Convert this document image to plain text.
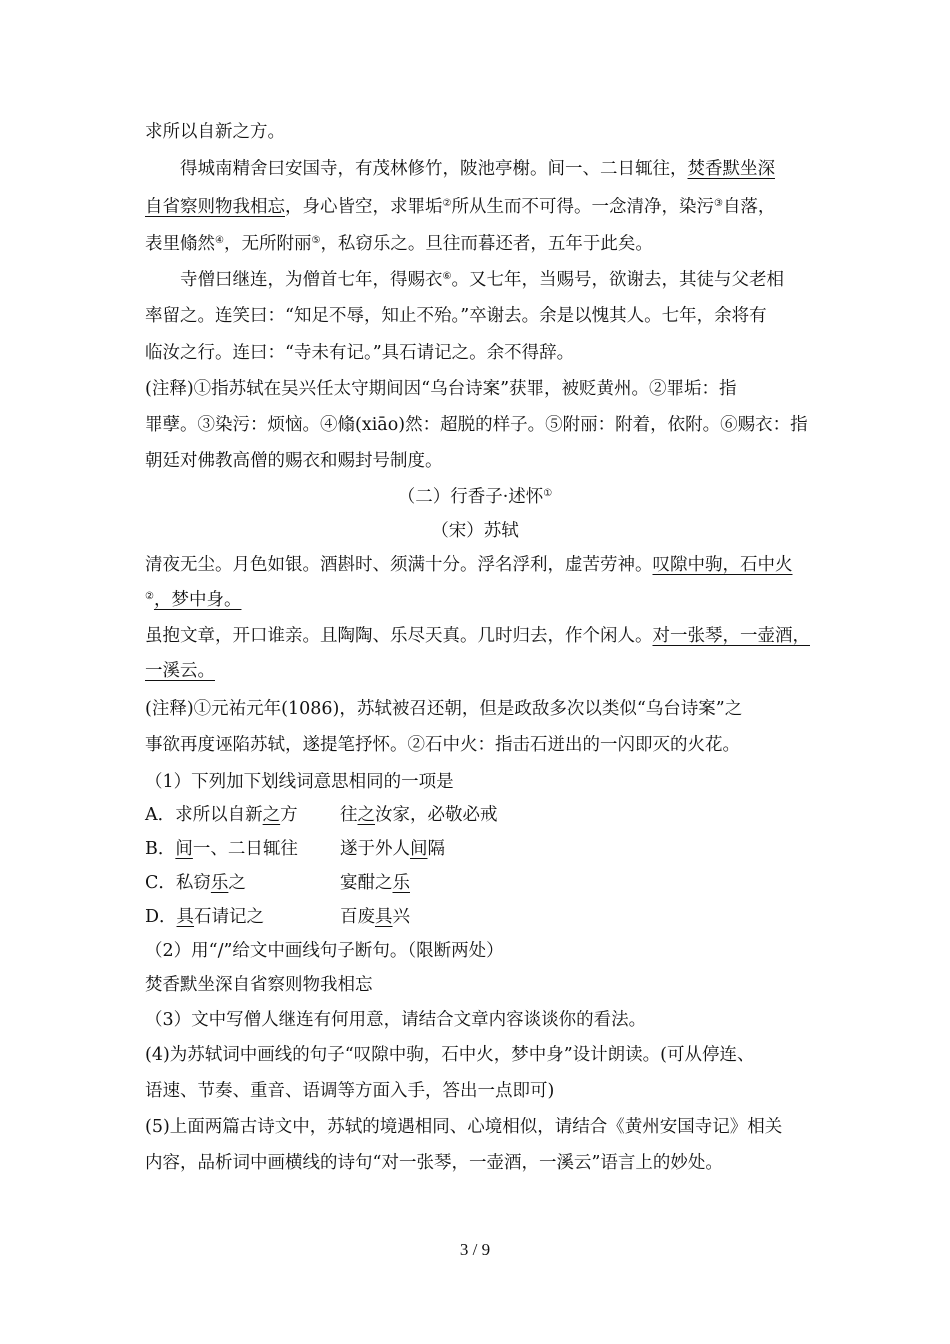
求所以自新之方。
得城南精舍曰安国寺，有茂林修竹，陂池亭榭。间一、二日辄往，焚香默坐深
自省察则物我相忘，身心皆空，求罪垢②所从生而不可得。一念清净，染污③自落，
表里翛然④，无所附丽⑤，私窃乐之。旦往而暮还者，五年于此矣。
寺僧曰继连，为僧首七年，得赐衣⑥。又七年，当赐号，欲谢去，其徒与父老相
率留之。连笑曰：“知足不辱，知止不殆。”卒谢去。余是以愧其人。七年，余将有
临汝之行。连曰：“寺未有记。”具石请记之。余不得辞。
(注释)①指苏轼在吴兴任太守期间因“乌台诗案”获罪，被贬黄州。②罪垢：指
罪孽。③染污：烦恼。④翛(xiāo)然：超脱的样子。⑤附丽：附着，依附。⑥赐衣：指
朝廷对佛教高僧的赐衣和赐封号制度。
（二）行香子·述怀①
（宋）苏轼
清夜无尘。月色如银。酒斟时、须满十分。浮名浮利，虚苦劳神。叹隙中驹，石中火
②，梦中身。
虽抱文章，开口谁亲。且陶陶、乐尽天真。几时归去，作个闲人。对一张琴，一壶酒，
一溪云。
(注释)①元祐元年(1086)，苏轼被召还朝，但是政敌多次以类似“乌台诗案”之
事欲再度诬陷苏轼，遂提笔抒怀。②石中火：指击石迸出的一闪即灭的火花。
（1）下列加下划线词意思相同的一项是
A．求所以自新之方 往之汝家，必敬必戒
B．间一、二日辄往 遂于外人间隔
C．私窃乐之	宴酣之乐
D．具石请记之	百废具兴
（2）用“/”给文中画线句子断句。（限断两处）
焚香默坐深自省察则物我相忘
（3）文中写僧人继连有何用意，请结合文章内容谈谈你的看法。
(4)为苏轼词中画线的句子“叹隙中驹，石中火，梦中身”设计朗读。(可从停连、
语速、节奏、重音、语调等方面入手，答出一点即可)
(5)上面两篇古诗文中，苏轼的境遇相同、心境相似，请结合《黄州安国寺记》相关
内容，品析词中画横线的诗句“对一张琴，一壶酒，一溪云”语言上的妙处。
3 / 9
